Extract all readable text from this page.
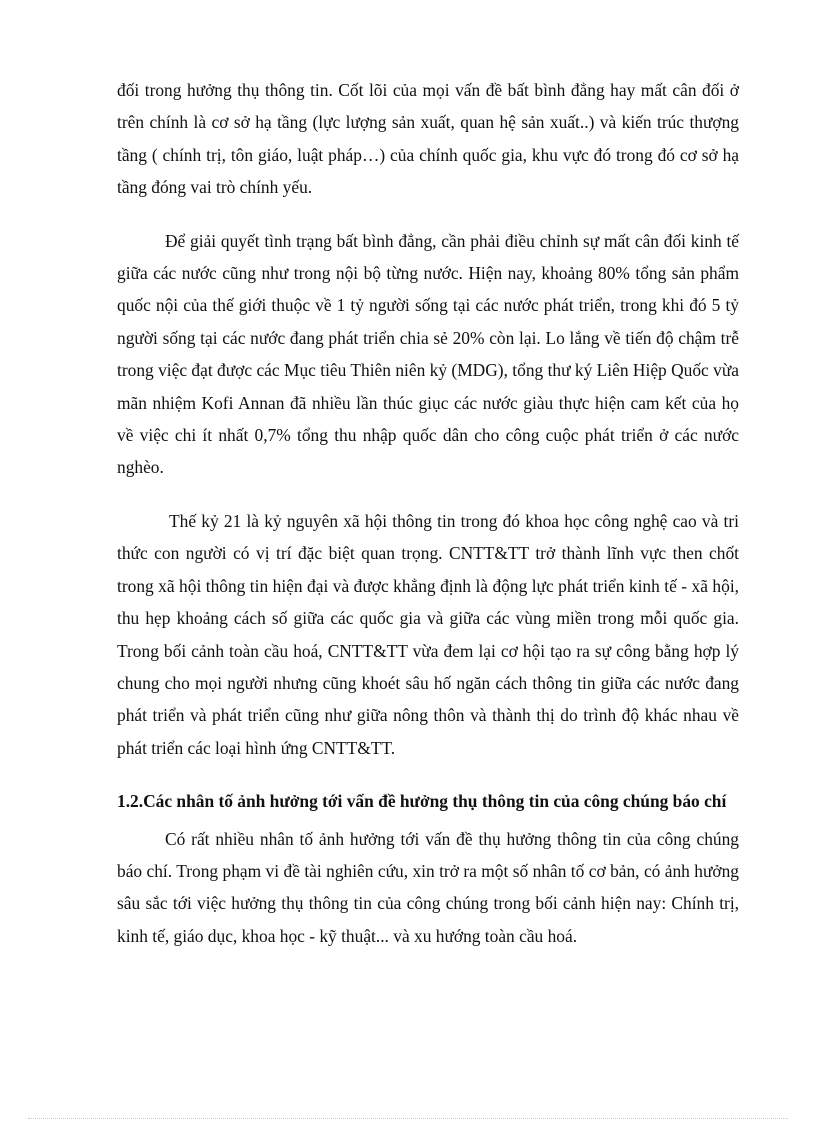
đối trong hưởng thụ thông tin. Cốt lõi của mọi vấn đề bất bình đẳng hay mất cân đối ở trên chính là cơ sở hạ tầng (lực lượng sản xuất, quan hệ sản xuất..) và kiến trúc thượng tầng ( chính trị, tôn giáo, luật pháp…) của chính quốc gia, khu vực đó trong đó cơ sở hạ tầng đóng vai trò chính yếu.

Để giải quyết tình trạng bất bình đẳng, cần phải điều chỉnh sự mất cân đối kinh tế giữa các nước cũng như trong nội bộ từng nước. Hiện nay, khoảng 80% tổng sản phẩm quốc nội của thế giới thuộc về 1 tỷ người sống tại các nước phát triển, trong khi đó 5 tỷ người sống tại các nước đang phát triển chia sẻ 20% còn lại. Lo lắng về tiến độ chậm trễ trong việc đạt được các Mục tiêu Thiên niên kỷ (MDG), tổng thư ký Liên Hiệp Quốc vừa mãn nhiệm Kofi Annan đã nhiều lần thúc giục các nước giàu thực hiện cam kết của họ về việc chi ít nhất 0,7% tổng thu nhập quốc dân cho công cuộc phát triển ở các nước nghèo.

Thế kỷ 21 là kỷ nguyên xã hội thông tin trong đó khoa học công nghệ cao và tri thức con người có vị trí đặc biệt quan trọng. CNTT&TT trở thành lĩnh vực then chốt trong xã hội thông tin hiện đại và được khẳng định là động lực phát triển kinh tế - xã hội, thu hẹp khoảng cách số giữa các quốc gia và giữa các vùng miền trong mỗi quốc gia. Trong bối cảnh toàn cầu hoá, CNTT&TT vừa đem lại cơ hội tạo ra sự công bằng hợp lý chung cho mọi người nhưng cũng khoét sâu hố ngăn cách thông tin giữa các nước đang phát triển và phát triển cũng như giữa nông thôn và thành thị do trình độ khác nhau về phát triển các loại hình ứng CNTT&TT.

1.2.Các nhân tố ảnh hưởng tới vấn đề hưởng thụ thông tin của công chúng báo chí

Có rất nhiều nhân tố ảnh hưởng tới vấn đề thụ hưởng thông tin của công chúng báo chí. Trong phạm vi đề tài nghiên cứu, xin trở ra một số nhân tố cơ bản, có ảnh hưởng sâu sắc tới việc hưởng thụ thông tin của công chúng trong bối cảnh hiện nay: Chính trị, kinh tế, giáo dục, khoa học - kỹ thuật... và xu hướng toàn cầu hoá.
